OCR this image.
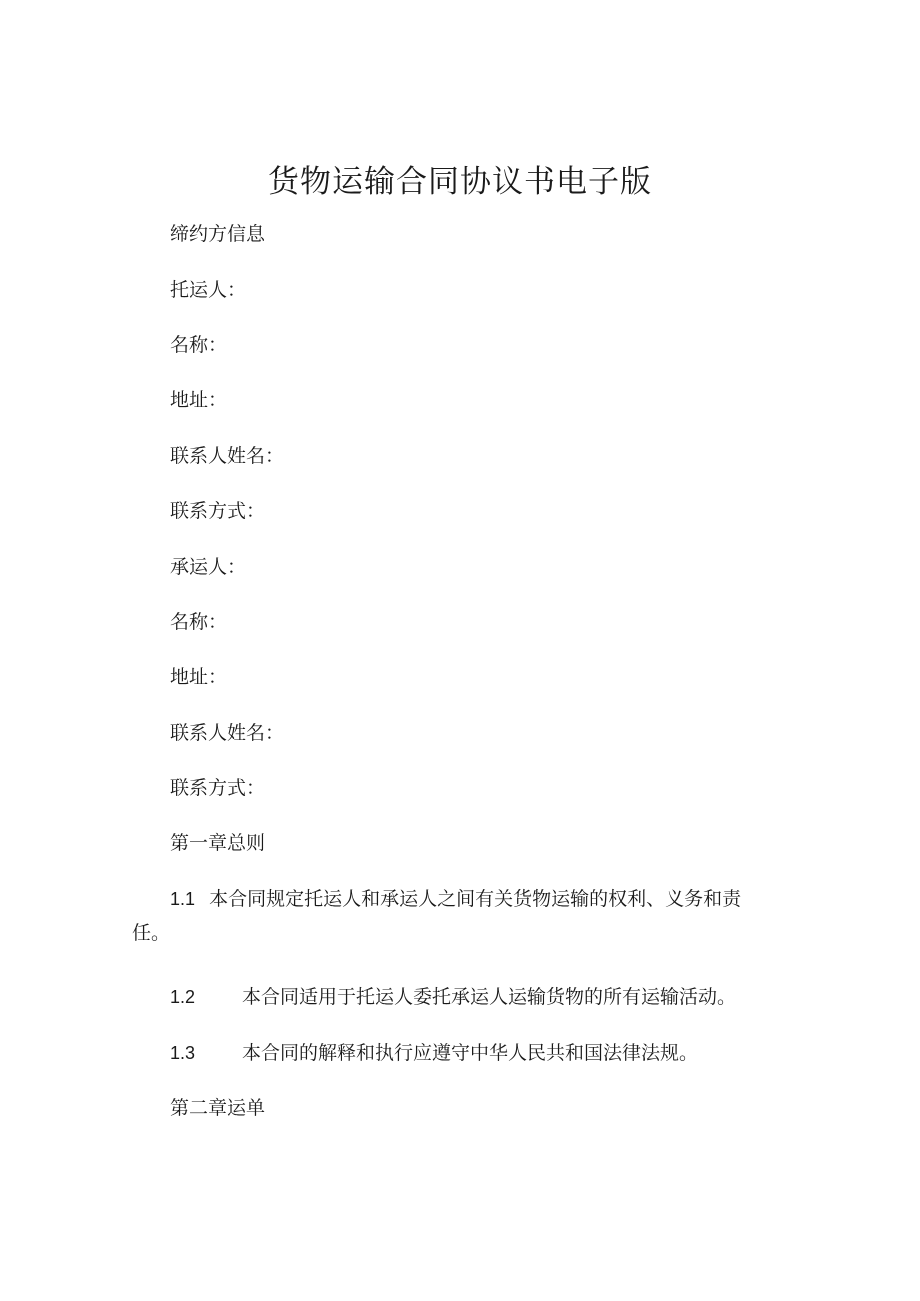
货物运输合同协议书电子版

缔约方信息

托运人：

名称：

地址：

联系人姓名：

联系方式：

承运人：

名称：

地址：

联系人姓名：

联系方式：

第一章总则

1.1 本合同规定托运人和承运人之间有关货物运输的权利、义务和责
任。

1.2 本合同适用于托运人委托承运人运输货物的所有运输活动。

1.3 本合同的解释和执行应遵守中华人民共和国法律法规。

第二章运单
